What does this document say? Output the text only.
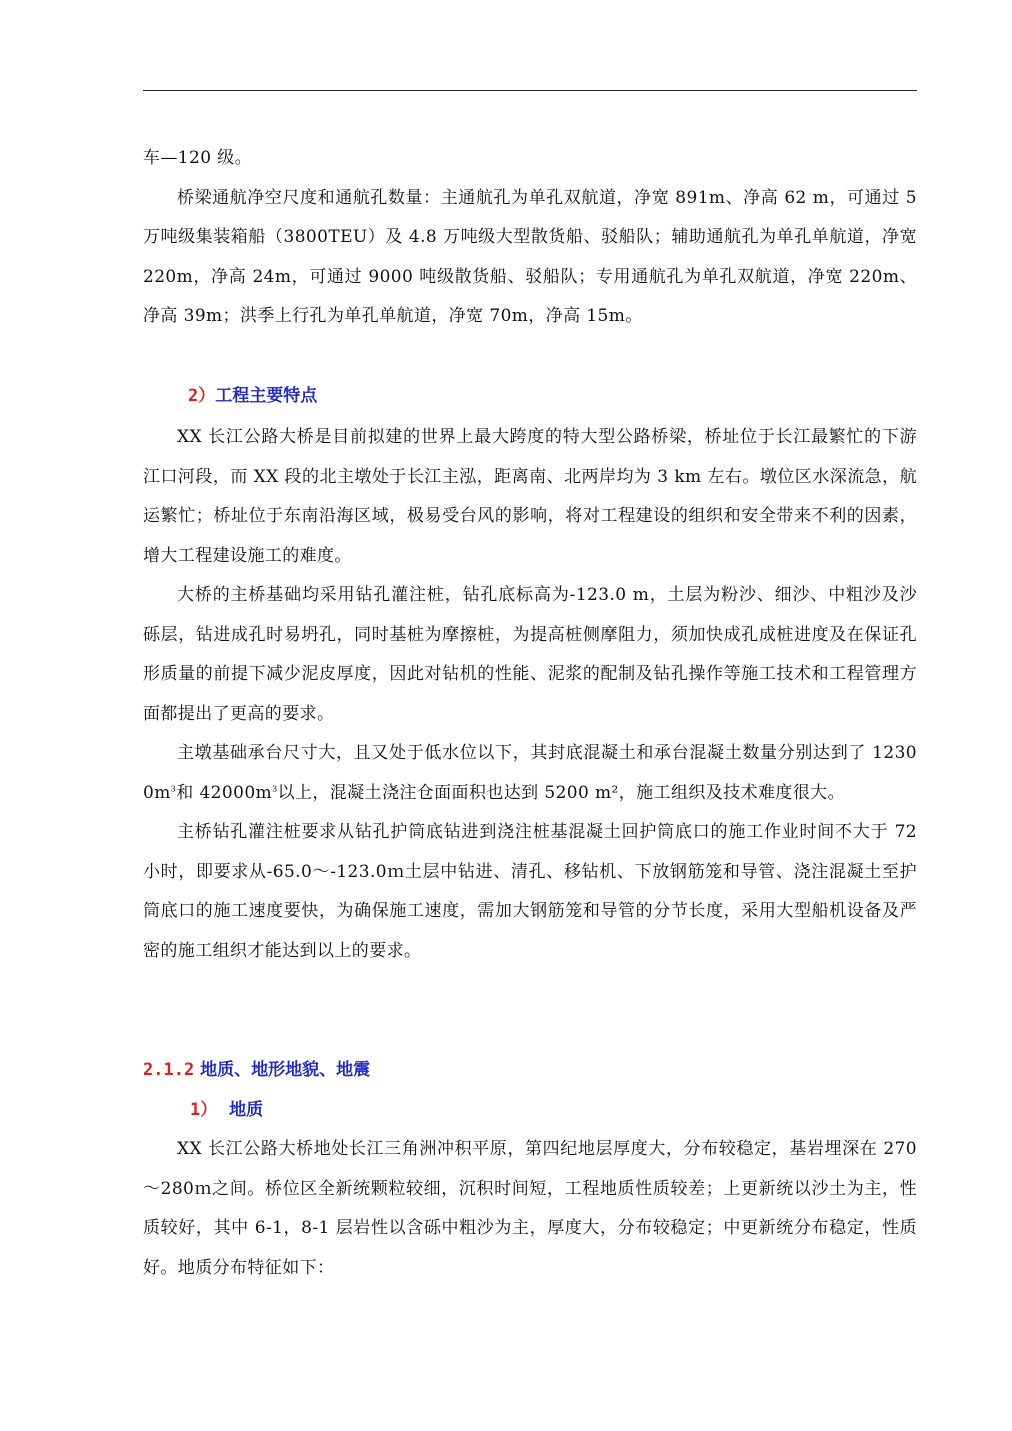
车—120 级。

桥梁通航净空尺度和通航孔数量：主通航孔为单孔双航道，净宽 891m、净高 62 m，可通过 5 万吨级集装箱船（3800TEU）及 4.8 万吨级大型散货船、驳船队；辅助通航孔为单孔单航道，净宽 220m，净高 24m，可通过 9000 吨级散货船、驳船队；专用通航孔为单孔双航道，净宽 220m、净高 39m；洪季上行孔为单孔单航道，净宽 70m，净高 15m。

2）工程主要特点

XX 长江公路大桥是目前拟建的世界上最大跨度的特大型公路桥梁，桥址位于长江最繁忙的下游江口河段，而 XX 段的北主墩处于长江主泓，距离南、北两岸均为 3 km 左右。墩位区水深流急，航运繁忙；桥址位于东南沿海区域，极易受台风的影响，将对工程建设的组织和安全带来不利的因素，增大工程建设施工的难度。

大桥的主桥基础均采用钻孔灌注桩，钻孔底标高为-123.0 m，土层为粉沙、细沙、中粗沙及沙砾层，钻进成孔时易坍孔，同时基桩为摩擦桩，为提高桩侧摩阻力，须加快成孔成桩进度及在保证孔形质量的前提下减少泥皮厚度，因此对钻机的性能、泥浆的配制及钻孔操作等施工技术和工程管理方面都提出了更高的要求。

主墩基础承台尺寸大，且又处于低水位以下，其封底混凝土和承台混凝土数量分别达到了 $12300m^3$和 $42000m^3$以上，混凝土浇注仓面面积也达到 5200 m²，施工组织及技术难度很大。

主桥钻孔灌注桩要求从钻孔护筒底钻进到浇注桩基混凝土回护筒底口的施工作业时间不大于 72 小时，即要求从-65.0～-123.0ｍ土层中钻进、清孔、移钻机、下放钢筋笼和导管、浇注混凝土至护筒底口的施工速度要快，为确保施工速度，需加大钢筋笼和导管的分节长度，采用大型船机设备及严密的施工组织才能达到以上的要求。

2.1.2 地质、地形地貌、地震
1） 地质

XX 长江公路大桥地处长江三角洲冲积平原，第四纪地层厚度大，分布较稳定，基岩埋深在 270～280ｍ之间。桥位区全新统颗粒较细，沉积时间短，工程地质性质较差；上更新统以沙土为主，性质较好，其中 6-1，8-1 层岩性以含砾中粗沙为主，厚度大，分布较稳定；中更新统分布稳定，性质好。地质分布特征如下：
